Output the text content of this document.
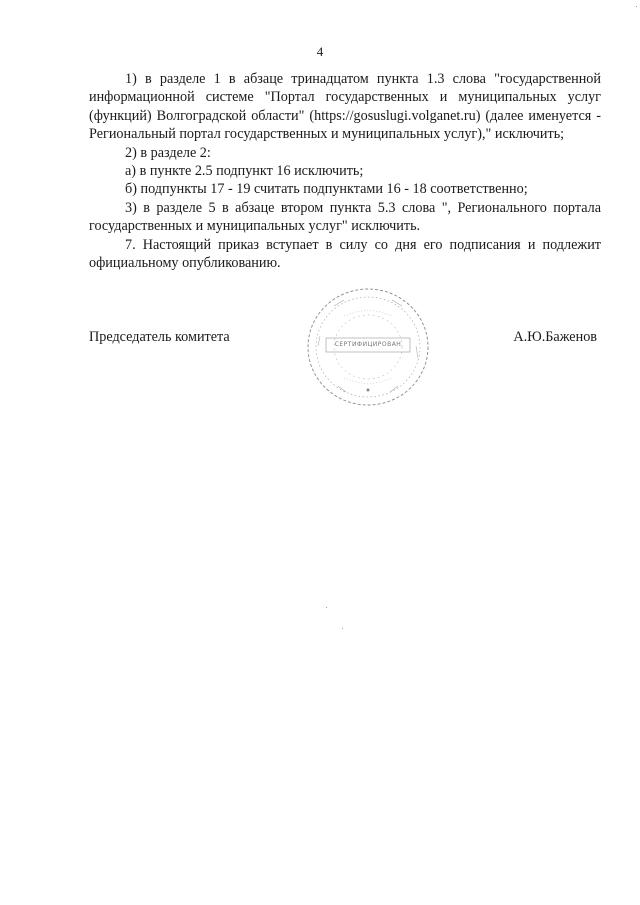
4

1) в разделе 1 в абзаце тринадцатом пункта 1.3 слова "государственной информационной системе "Портал государственных и муниципальных услуг (функций) Волгоградской области" (https://gosuslugi.volganet.ru) (далее именуется - Региональный портал государственных и муниципальных услуг)," исключить;

2) в разделе 2:

а) в пункте 2.5 подпункт 16 исключить;

б) подпункты 17 - 19 считать подпунктами 16 - 18 соответственно;

3) в разделе 5 в абзаце втором пункта 5.3 слова ", Регионального портала государственных и муниципальных услуг" исключить.

7. Настоящий приказ вступает в силу со дня его подписания и подлежит официальному опубликованию.

Председатель комитета	А.Ю.Баженов
СЕРТИФИЦИРОВАН
